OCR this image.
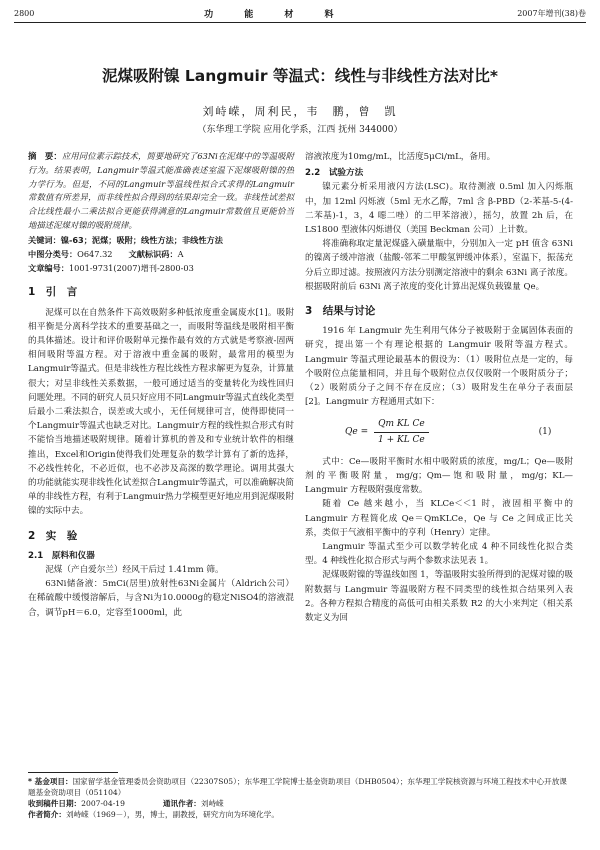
2800	功 能 材 料	2007年增刊(38)卷
泥煤吸附镍 Langmuir 等温式：线性与非线性方法对比*
刘峙嵘，周利民，韦　鹏，曾　凯
（东华理工学院 应用化学系，江西 抚州 344000）

摘　要：应用同位素示踪技术，简要地研究了63Ni在泥煤中的等温吸附行为。结果表明，Langmuir等温式能准确表述室温下泥煤吸附镍的热力学行为。但是，不同的Langmuir等温线性拟合式求得的Langmuir常数值有所差异，而非线性拟合得到的结果却完全一致。非线性试差拟合比线性最小二乘法拟合更能获得满意的Langmuir常数值且更能恰当地描述泥煤对镍的吸附规律。

关键词：镍-63；泥煤；吸附；线性方法；非线性方法

中图分类号：O647.32	文献标识码：A
文章编号： 1001-9731(2007)增刊-2800-03
1　引　言

泥煤可以在自然条件下高效吸附多种低浓度重金属废水[1]。吸附相平衡是分离科学技术的重要基础之一，而吸附等温线是吸附相平衡的具体描述。设计和评价吸附单元操作最有效的方式就是考察液-固两相间吸附等温方程。对于溶液中重金属的吸附，最常用的模型为Langmuir等温式。但是非线性方程比线性方程求解更为复杂，计算量很大；对呈非线性关系数据，一般可通过适当的变量转化为线性回归问题处理。不同的研究人员只好应用不同Langmuir等温式直线化类型后最小二乘法拟合，误差或大或小，无任何规律可言，使得即使同一个Langmuir等温式也缺乏对比。Langmuir方程的线性拟合形式有时不能恰当地描述吸附规律。随着计算机的普及和专业统计软件的相继推出，Excel和Origin使得我们处理复杂的数学计算有了新的选择，不必线性转化，不必近似，也不必涉及高深的数学理论。调用其强大的功能就能实现非线性化试差拟合Langmuir等温式，可以准确解决简单的非线性方程，有利于Langmuir热力学模型更好地应用到泥煤吸附镍的实际中去。

2　实　验
2.1　原料和仪器

泥煤（产自爱尔兰）经风干后过 1.41mm 筛。

63Ni储备液：5mCi(居里)放射性63Ni金属片（Aldrich公司）在稀硫酸中缓慢溶解后，与含Ni为10.0000g的稳定NiSO4的溶液混合，调节pH＝6.0，定容至1000ml，此

溶液浓度为10mg/mL，比活度5μCi/mL，备用。

2.2　试验方法

镍元素分析采用液闪方法(LSC)。取待测液 0.5ml 加入闪烁瓶中，加 12ml 闪烁液（5ml 无水乙醇，7ml 含 β-PBD（2-苯基-5-(4-二苯基)-1，3，4 噁二唑）的二甲苯溶液），摇匀，放置 2h 后，在 LS1800 型液体闪烁谱仪（美国 Beckman 公司）上计数。

将准确称取定量泥煤盛入磺量瓶中，分别加入一定 pH 值含 63Ni 的镍离子缓冲溶液（盐酸-邻苯二甲酸氢钾缓冲体系），室温下，振荡充分后立即过滤。按照液闪方法分别测定溶液中的剩余 63Ni 离子浓度。根据吸附前后 63Ni 离子浓度的变化计算出泥煤负载镍量 Qe。

3　结果与讨论

1916 年 Langmuir 先生利用气体分子被吸附于金属固体表面的研究，提出第一个有理论根据的 Langmuir 吸附等温方程式。Langmuir 等温式理论最基本的假设为：（1）吸附位点是一定的，每个吸附位点能量相同，并且每个吸附位点仅仅吸附一个吸附质分子；（2）吸附质分子之间不存在反应；（3）吸附发生在单分子表面层[2]。Langmuir 方程通用式如下：

$Qe = \frac{\text{Qm KL Ce}}{\text{1 + KL Ce}}$	(1)

式中：Ce—吸附平衡时水相中吸附质的浓度，mg/L；Qe—吸附剂的平衡吸附量，mg/g；Qm—饱和吸附量，mg/g；KL—Langmuir 方程吸附强度常数。

随着 Ce 越来越小，当 KLCe＜＜1 时，液固相平衡中的 Langmuir 方程简化成 Qe＝QmKLCe，Qe 与 Ce 之间成正比关系，类似于气液相平衡中的亨利（Henry）定律。

Langmuir 等温式至少可以数学转化成 4 种不同线性化拟合类型。4 种线性化拟合形式与两个参数求法见表 1。

泥煤吸附镍的等温线如图 1，等温吸附实验所得到的泥煤对镍的吸附数据与 Langmuir 等温吸附方程不同类型的线性拟合结果列入表 2。各种方程拟合精度的高低可由相关系数 R2 的大小来判定（相关系数定义为回

* 基金项目：国家留学基金管理委员会资助项目（22307S05）；东华理工学院博士基金资助项目（DHB0504）；东华理工学院核资源与环境工程技术中心开放课题基金资助项目（051104）
收到稿件日期：2007-04-19　　　　　	通讯作者：刘峙嵘
作者简介：刘峙嵘（1969－），男，博士，副教授，研究方向为环境化学。
